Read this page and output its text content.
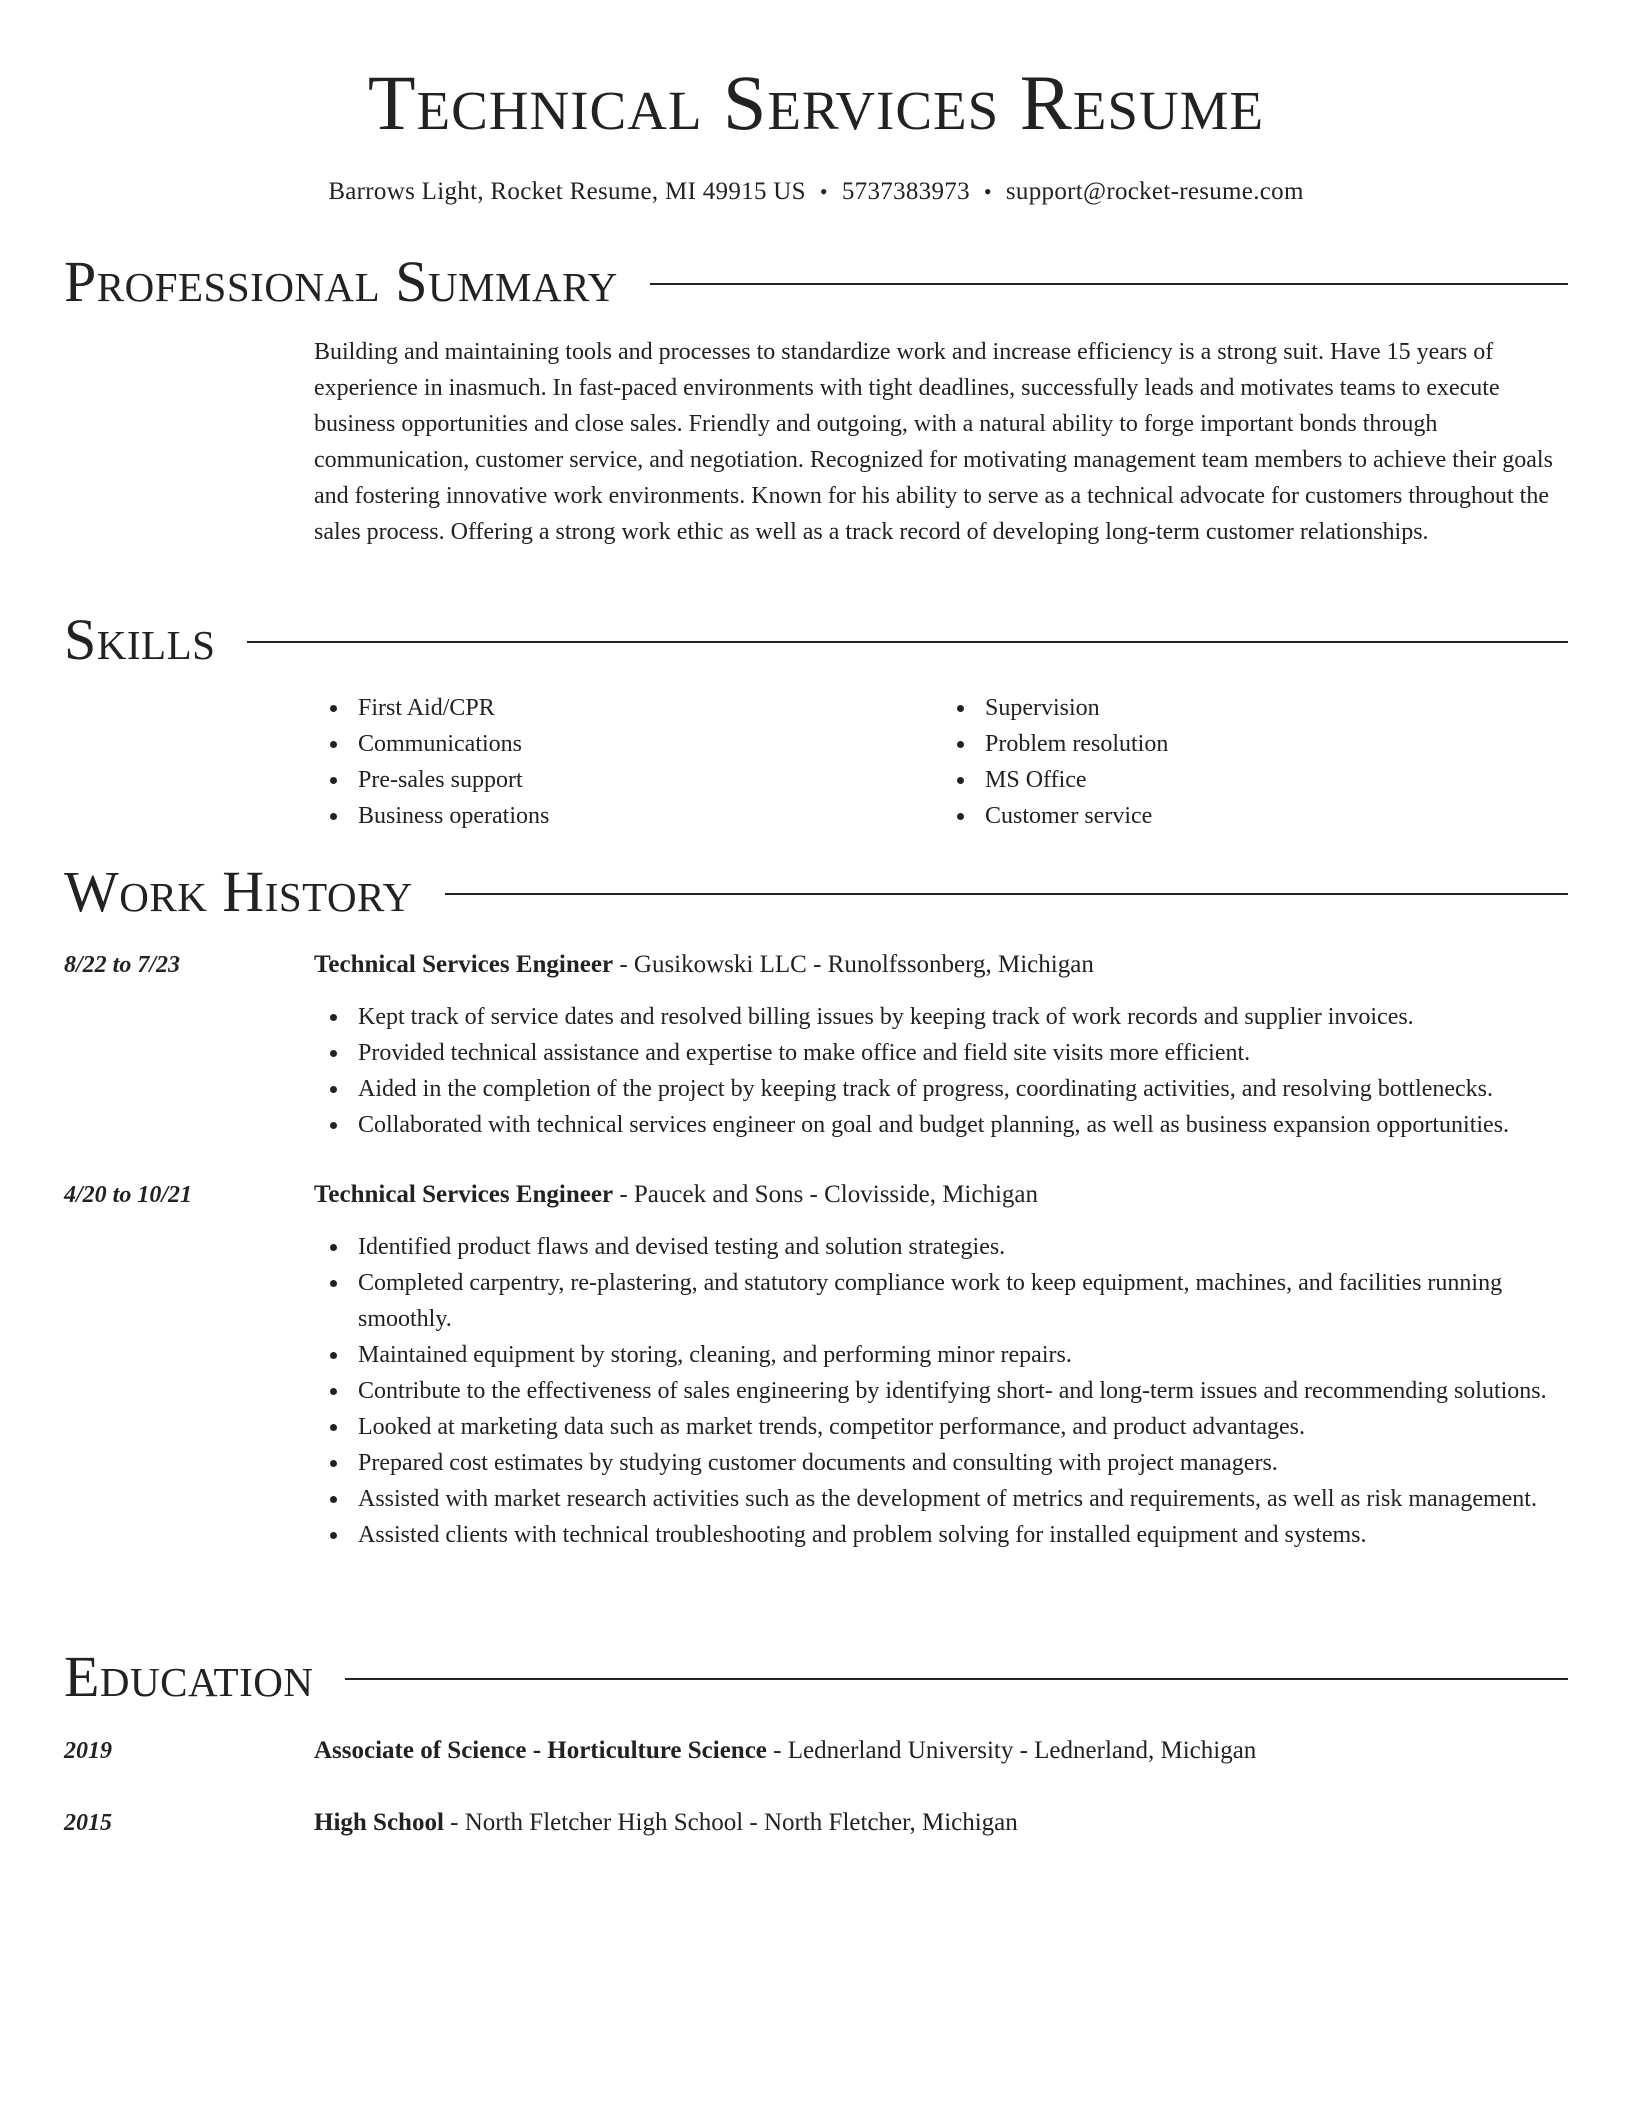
Technical Services Resume
Barrows Light, Rocket Resume, MI 49915 US • 5737383973 • support@rocket-resume.com
Professional Summary

Building and maintaining tools and processes to standardize work and increase efficiency is a strong suit. Have 15 years of experience in inasmuch. In fast-paced environments with tight deadlines, successfully leads and motivates teams to execute business opportunities and close sales. Friendly and outgoing, with a natural ability to forge important bonds through communication, customer service, and negotiation. Recognized for motivating management team members to achieve their goals and fostering innovative work environments. Known for his ability to serve as a technical advocate for customers throughout the sales process. Offering a strong work ethic as well as a track record of developing long-term customer relationships.

Skills
First Aid/CPR
Communications
Pre-sales support
Business operations
Supervision
Problem resolution
MS Office
Customer service
Work History
8/22 to 7/23	Technical Services Engineer - Gusikowski LLC - Runolfssonberg, Michigan
Kept track of service dates and resolved billing issues by keeping track of work records and supplier invoices.
Provided technical assistance and expertise to make office and field site visits more efficient.
Aided in the completion of the project by keeping track of progress, coordinating activities, and resolving bottlenecks.
Collaborated with technical services engineer on goal and budget planning, as well as business expansion opportunities.
4/20 to 10/21	Technical Services Engineer - Paucek and Sons - Clovisside, Michigan
Identified product flaws and devised testing and solution strategies.
Completed carpentry, re-plastering, and statutory compliance work to keep equipment, machines, and facilities running smoothly.
Maintained equipment by storing, cleaning, and performing minor repairs.
Contribute to the effectiveness of sales engineering by identifying short- and long-term issues and recommending solutions.
Looked at marketing data such as market trends, competitor performance, and product advantages.
Prepared cost estimates by studying customer documents and consulting with project managers.
Assisted with market research activities such as the development of metrics and requirements, as well as risk management.
Assisted clients with technical troubleshooting and problem solving for installed equipment and systems.
Education
2019	Associate of Science - Horticulture Science - Lednerland University - Lednerland, Michigan
2015	High School - North Fletcher High School - North Fletcher, Michigan
